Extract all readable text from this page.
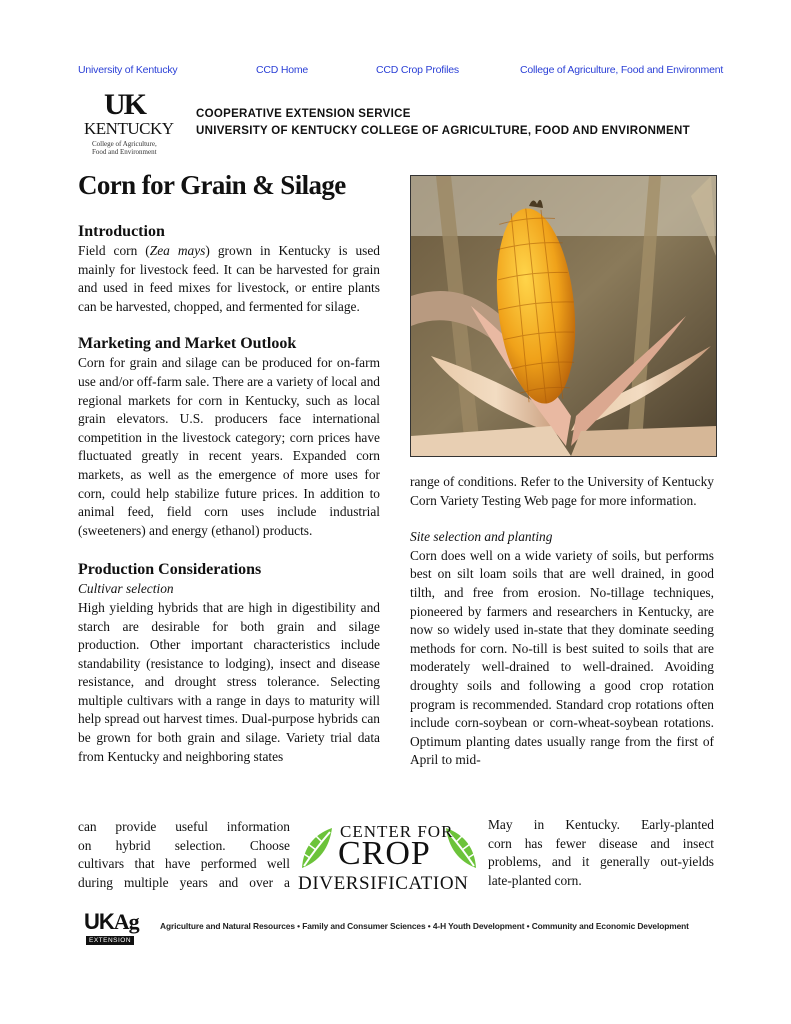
University of Kentucky	CCD Home	CCD Crop Profiles	College of Agriculture, Food and Environment
UK
KENTUCKY
College of Agriculture,
Food and Environment
COOPERATIVE EXTENSION SERVICE
UNIVERSITY OF KENTUCKY COLLEGE OF AGRICULTURE, FOOD AND ENVIRONMENT
Corn for Grain & Silage
Introduction

Field corn (Zea mays) grown in Kentucky is used mainly for livestock feed. It can be harvested for grain and used in feed mixes for livestock, or entire plants can be harvested, chopped, and fermented for silage.

Marketing and Market Outlook

Corn for grain and silage can be produced for on-farm use and/or off-farm sale. There are a variety of local and regional markets for corn in Kentucky, such as local grain elevators. U.S. producers face international competition in the livestock category; corn prices have fluctuated greatly in recent years. Expanded corn markets, as well as the emergence of more uses for corn, could help stabilize future prices. In addition to animal feed, field corn uses include industrial (sweeteners) and energy (ethanol) products.

Production Considerations

Cultivar selection

High yielding hybrids that are high in digestibility and starch are desirable for both grain and silage production. Other important characteristics include standability (resistance to lodging), insect and disease resistance, and drought stress tolerance. Selecting multiple cultivars with a range in days to maturity will help spread out harvest times. Dual-purpose hybrids can be grown for both grain and silage. Variety trial data from Kentucky and neighboring states

can provide useful information

on hybrid selection. Choose

cultivars that have performed well

during multiple years and over a

range of conditions. Refer to the University of Kentucky Corn Variety Testing Web page for more information.

Site selection and planting

Corn does well on a wide variety of soils, but performs best on silt loam soils that are well drained, in good tilth, and free from erosion. No-tillage techniques, pioneered by farmers and researchers in Kentucky, are now so widely used in-state that they dominate seeding methods for corn. No-till is best suited to soils that are moderately well-drained to well-drained. Avoiding droughty soils and following a good crop rotation program is recommended. Standard crop rotations often include corn-soybean or corn-wheat-soybean rotations. Optimum planting dates usually range from the first of April to mid-

May in Kentucky. Early-planted

corn has fewer disease and insect

problems, and it generally out-yields

late-planted corn.

CENTER FOR
CROP
DIVERSIFICATION
UKAg
EXTENSION
Agriculture and Natural Resources • Family and Consumer Sciences • 4-H Youth Development • Community and Economic Development
